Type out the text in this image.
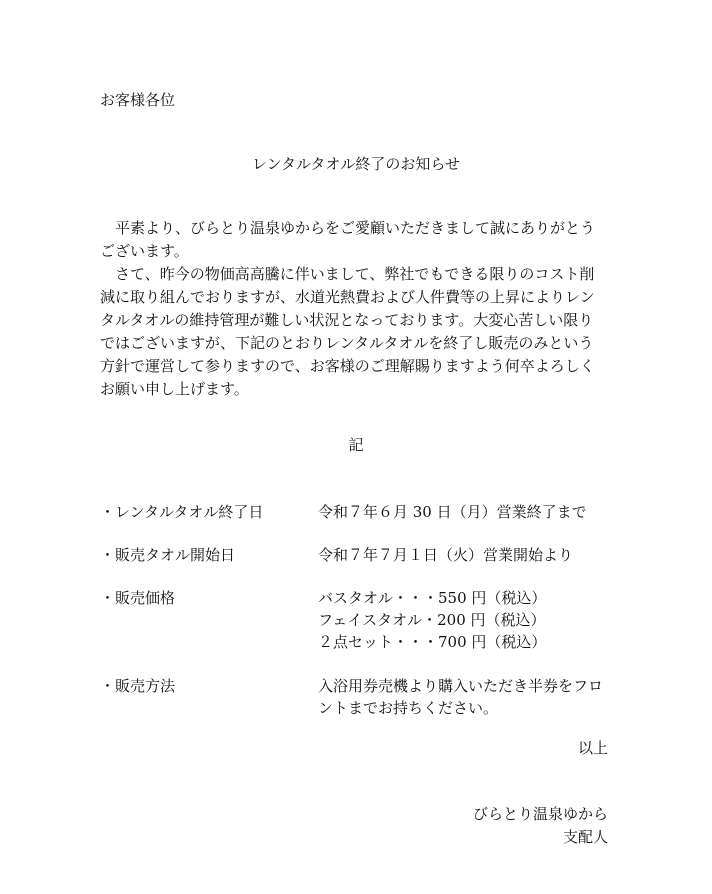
お客様各位
レンタルタオル終了のお知らせ
　平素より、びらとり温泉ゆからをご愛顧いただきまして誠にありがとう
ございます。
　さて、昨今の物価高高騰に伴いまして、弊社でもできる限りのコスト削
減に取り組んでおりますが、水道光熱費および人件費等の上昇によりレン
タルタオルの維持管理が難しい状況となっております。大変心苦しい限り
ではございますが、下記のとおりレンタルタオルを終了し販売のみという
方針で運営して参りますので、お客様のご理解賜りますよう何卒よろしく
お願い申し上げます。
記
・レンタルタオル終了日	令和７年６月 30 日（月）営業終了まで
・販売タオル開始日	令和７年７月１日（火）営業開始より
・販売価格	バスタオル・・・550 円（税込）
フェイスタオル・200 円（税込）
２点セット・・・700 円（税込）
・販売方法	入浴用券売機より購入いただき半券をフロ
ントまでお持ちください。
以上
びらとり温泉ゆから
支配人
